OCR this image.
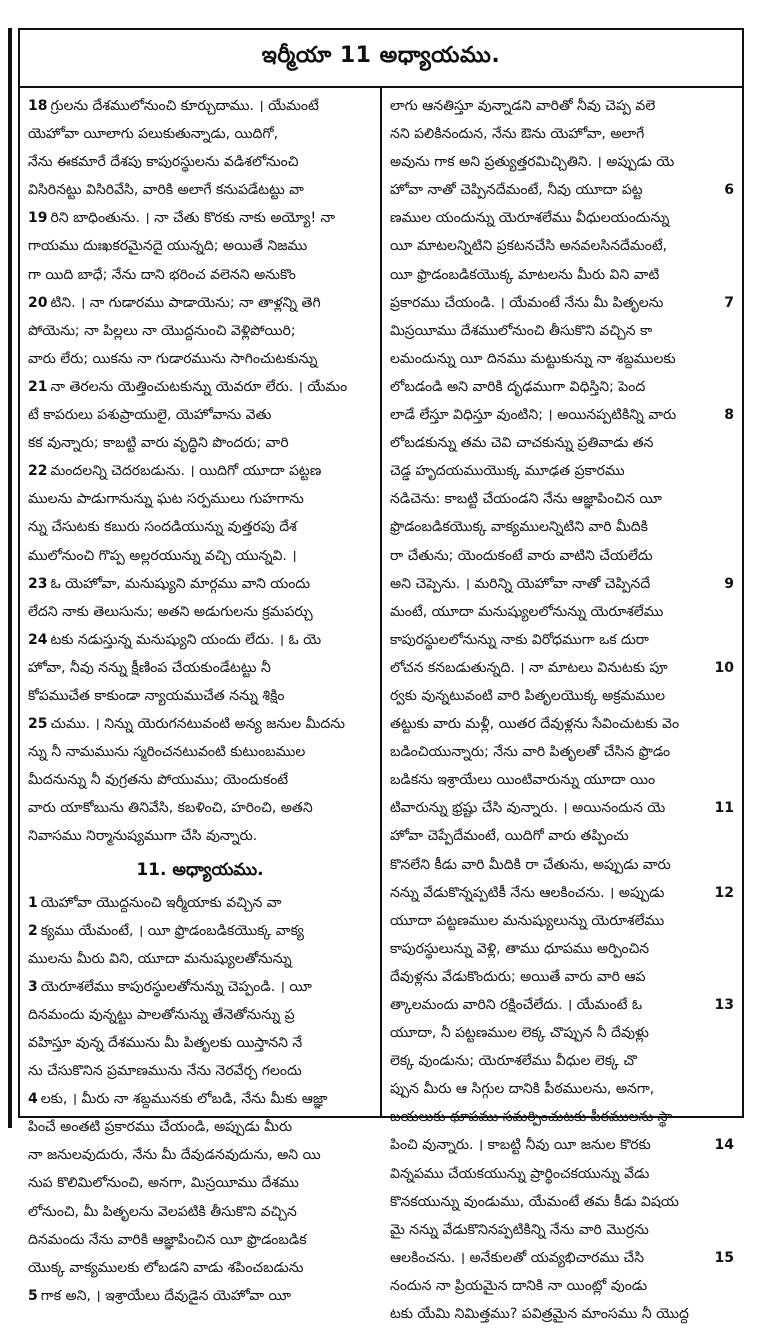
ఇర్మీయా 11 అధ్యాయము.
18 గ్రులను దేశములోనుంచి కూర్చుదాము. । యేమంటే
యెహోవా యీలాగు పలుకుతున్నాడు, యిదిగో,
నేను ఈకమారే దేశపు కాపురస్థులను వడిశలోనుంచి
విసిరినట్టు విసిరివేసి, వారికి అలాగే కనుపడేటట్టు వా
19 రిని బాధింతును. । నా చేతు కొరకు నాకు అయ్యో! నా
గాయము దుఃఖకరమైనదై యున్నది; అయితే నిజము
గా యిది బాధే; నేను దాని భరించ వలెనని అనుకొం
20 టిని. । నా గుడారము పాడాయెను; నా తాళ్లన్ని తెగి
పోయెను; నా పిల్లలు నా యొద్దనుంచి వెళ్లిపోయిరి;
వారు లేరు; యికను నా గుడారమును సాగించుటకున్ను
21 నా తెరలను యెత్తించుటకున్ను యెవరూ లేరు. । యేమం
టే కాపరులు పశుప్రాయులై, యెహోవాను వెతు
కక వున్నారు; కాబట్టి వారు వృద్ధిని పొందరు; వారి
22 మందలన్ని చెదరబడును. । యిదిగో యూదా పట్టణ
ములను పాడుగానున్ను ఘట సర్పములు గుహగాను
న్ను చేసుటకు కబురు సందడియున్ను వుత్తరపు దేశ
ములోనుంచి గొప్ప అల్లరయున్ను వచ్చి యున్నవి. ।
23 ఓ యెహోవా, మనుష్యుని మార్గము వాని యందు
లేదని నాకు తెలుసును; అతని అడుగులను క్రమపర్చు
24 టకు నడుస్తున్న మనుష్యుని యందు లేదు. । ఓ యె
హోవా, నీవు నన్ను క్షీణింప చేయకుండేటట్టు నీ
కోపముచేత కాకుండా న్యాయముచేత నన్ను శిక్షిం
25 చుము. । నిన్ను యెరుగనటువంటి అన్య జనుల మీదను
న్ను నీ నామమును స్మరించనటువంటి కుటుంబముల
మీదనున్ను నీ వుగ్రతను పోయుము; యెందుకంటే
వారు యాకోబును తినివేసి, కబళించి, హరించి, అతని
నివాసము నిర్మానుష్యముగా చేసి వున్నారు.
11. అధ్యాయము.
1 యెహోవా యొద్దనుంచి ఇర్మీయాకు వచ్చిన వా
2 క్యము యేమంటే, । యీ ఫ్రొడంబడికయొక్క వాక్య
ములను మీరు విని, యూదా మనుష్యులతోనున్ను
3 యెరూశలేము కాపురస్థులతోనున్ను చెప్పండి. । యీ
దినమందు వున్నట్టు పాలతోనున్ను తేనెతోనున్ను ప్ర
వహిస్తూ వున్న దేశమును మీ పితృలకు యిస్తానని నే
ను చేసుకొనిన ప్రమాణమును నేను నెరవేర్చ గలందు
4 లకు, । మీరు నా శబ్దమునకు లోబడి, నేను మీకు ఆజ్ఞా
పించే అంతటి ప్రకారము చేయండి, అప్పుడు మీరు
నా జనులవుదురు, నేను మీ దేవుడనవుదును, అని యి
నుప కొలిమిలోనుంచి, అనగా, మిస్రయీము దేశము
లోనుంచి, మీ పితృలను వెలపటికి తీసుకొని వచ్చిన
దినమందు నేను వారికి ఆజ్ఞాపించిన యీ ఫ్రొడంబడిక
యొక్క వాక్యములకు లోబడని వాడు శపించబడును
5 గాక అని, । ఇశ్రాయేలు దేవుడైన యెహోవా యీ
లాగు ఆనతిస్తూ వున్నాడని వారితో నీవు చెప్ప వలె
నని పలికినందున, నేను ఔను యెహోవా, అలాగే
అవును గాక అని ప్రత్యుత్తరమిచ్చితిని. । అప్పుడు యె
6
హోవా నాతో చెప్పినదేమంటే, నీవు యూదా పట్ట
ణముల యందున్ను యెరూశలేము వీధులయందున్ను
యీ మాటలన్నిటిని ప్రకటనచేసి అనవలసినదేమంటే,
యీ ఫ్రొడంబడికయొక్క మాటలను మీరు విని వాటి
7
ప్రకారము చేయండి. । యేమంటే నేను మీ పితృలను
మిస్రయీము దేశములోనుంచి తీసుకొని వచ్చిన కా
లమందున్ను యీ దినము మట్టుకున్ను నా శబ్దములకు
లోబడండి అని వారికి దృఢముగా విధిస్తిని; పెంద
8
లాడే లేస్తూ విధిస్తూ వుంటిని; । అయినప్పటికిన్ని వారు
లోబడకున్ను తమ చెవి చాచకున్ను ప్రతివాడు తన
చెడ్డ హృదయముయొక్క మూఢత ప్రకారము
నడిచెను: కాబట్టి చేయండని నేను ఆజ్ఞాపించిన యీ
ఫ్రొడంబడికయొక్క వాక్యములన్నిటిని వారి మీదికి
రా చేతును; యెందుకంటే వారు వాటిని చేయలేదు
9
అని చెప్పెను. । మరిన్ని యెహోవా నాతో చెప్పినదే
మంటే, యూదా మనుష్యులలోనున్ను యెరూశలేము
కాపురస్థులలోనున్ను నాకు విరోధముగా ఒక దురా
10
లోచన కనబడుతున్నది. । నా మాటలు వినుటకు పూ
ర్వకు వున్నటువంటి వారి పితృలయొక్క అక్రమముల
తట్టుకు వారు మళ్లీ, యితర దేవుళ్లను సేవించుటకు వెం
బడించియున్నారు; నేను వారి పితృలతో చేసిన ఫ్రొడం
బడికను ఇశ్రాయేలు యింటివారున్ను యూదా యిం
11
టివారున్ను భ్రష్టు చేసి వున్నారు. । అయినందున యె
హోవా చెప్పేదేమంటే, యిదిగో వారు తప్పించు
కొనలేని కీడు వారి మీదికి రా చేతును, అప్పుడు వారు
12
నన్ను వేడుకొన్నప్పటికీ నేను ఆలకించను. । అప్పుడు
యూదా పట్టణముల మనుష్యులున్ను యెరూశలేము
కాపురస్థులున్ను వెళ్లి, తాము ధూపము అర్పించిన
దేవుళ్లను వేడుకొందురు; అయితే వారు వారి ఆప
13
త్కాలమందు వారిని రక్షించేలేదు. । యేమంటే ఓ
యూదా, నీ పట్టణముల లెక్క చొప్పున నీ దేవుళ్లు
లెక్క వుండును; యెరూశలేము వీధుల లెక్క చొ
ప్పున మీరు ఆ సిగ్గుల దానికి పీఠములను, అనగా,
బయలుకు ధూపము సమర్పించుటకు పీఠములను స్థా
14
పించి వున్నారు. । కాబట్టి నీవు యీ జనుల కొరకు
విన్నపము చేయకయున్ను ప్రార్థించకయున్ను వేడు
కొనకయున్ను వుండుము, యేమంటే తమ కీడు విషయ
మై నన్ను వేడుకొనినప్పటికిన్ని నేను వారి మొర్రను
15
ఆలకించను. । అనేకులతో యవ్యభిచారము చేసి
నందున నా ప్రియమైన దానికి నా యింట్లో వుండు
టకు యేమి నిమిత్తము? పవిత్రమైన మాంసము నీ యొద్ద
